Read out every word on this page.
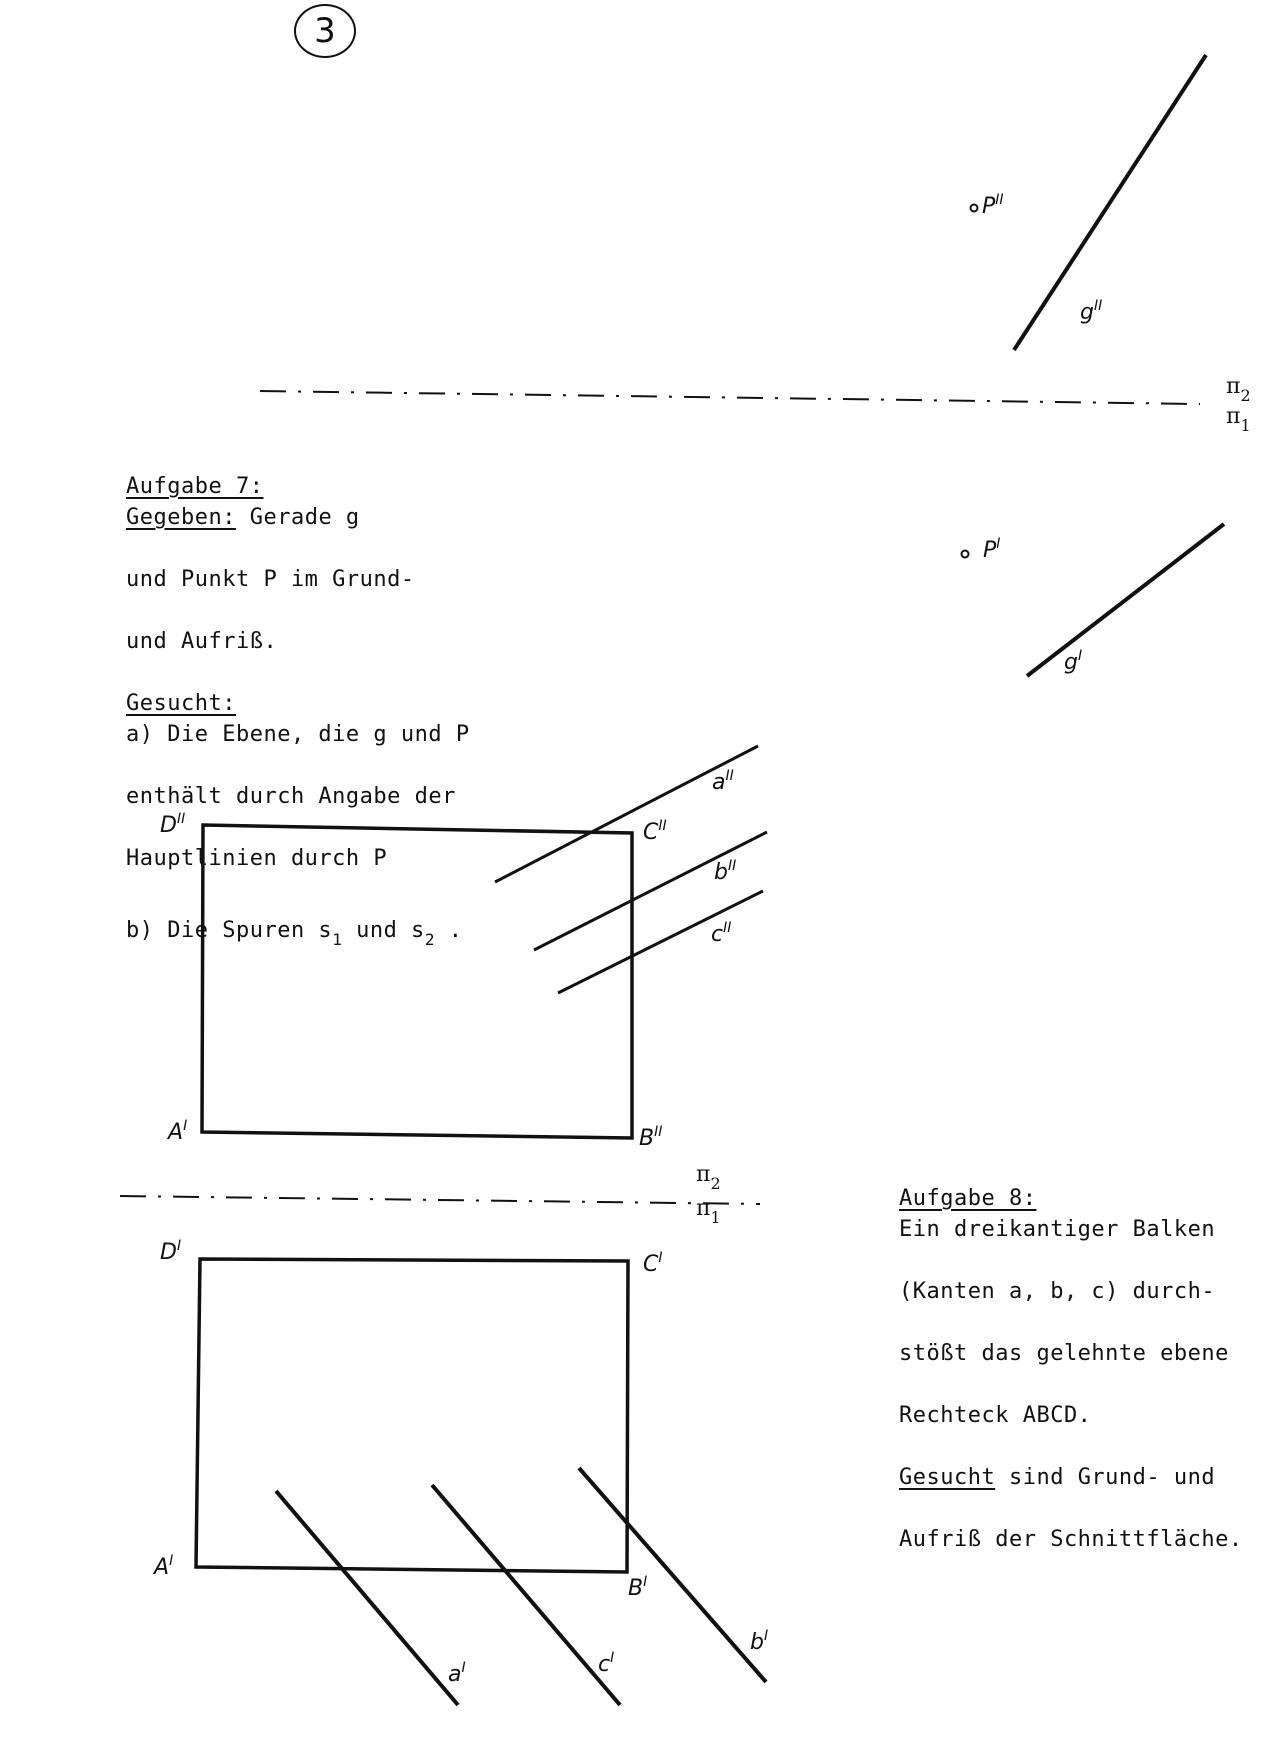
3
$P^{II}$
$g^{II}$
$P^I$
$g^I$
$\pi_2$
$\pi_1$

Aufgabe 7:

Gegeben: Gerade g

und Punkt P im Grund-

und Aufriß.

Gesucht:

a) Die Ebene, die g und P

enthält durch Angabe der

Hauptlinien durch P

b) Die Spuren $s_1$ und $s_2$ .

$D^{II}$
$C^{II}$
$A^I$	$B^{II}$
$a^{II}$
$b^{II}$
$c^{II}$
$\pi_2$
$\pi_1$
$D^I$
$C^I$
$A^I$
$B^I$
$a^I$	$c^I$
$b^I$

Aufgabe 8:

Ein dreikantiger Balken

(Kanten a, b, c) durch-

stößt das gelehnte ebene

Rechteck ABCD.

Gesucht sind Grund- und

Aufriß der Schnittfläche.
